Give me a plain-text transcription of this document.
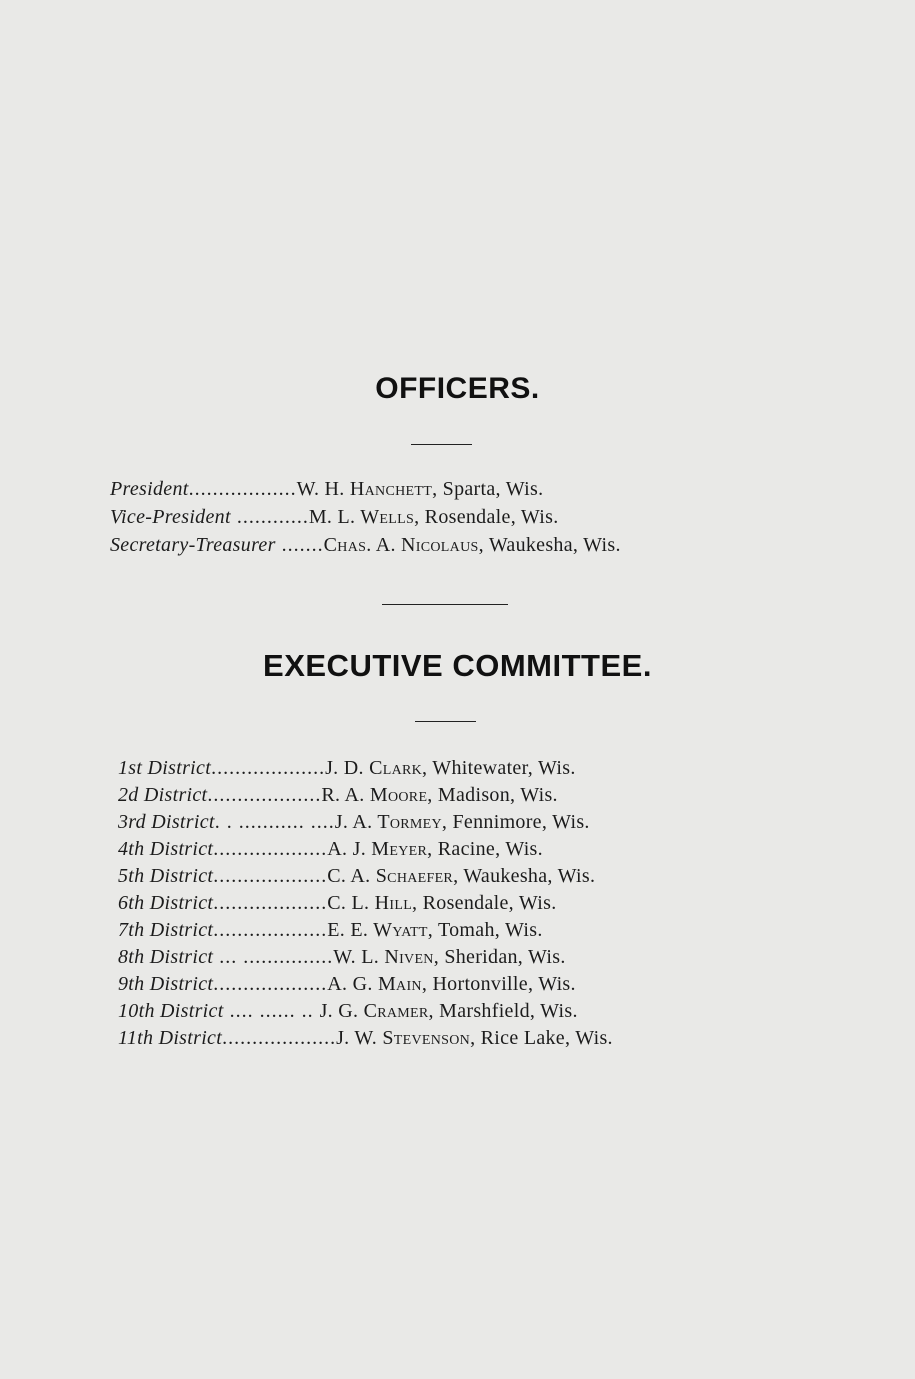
OFFICERS.
President..................W. H. Hanchett, Sparta, Wis.
Vice-President ............M. L. Wells, Rosendale, Wis.
Secretary-Treasurer .......Chas. A. Nicolaus, Waukesha, Wis.
EXECUTIVE COMMITTEE.
1st District...................J. D. Clark, Whitewater, Wis.
2d District...................R. A. Moore, Madison, Wis.
3rd District. . ........... ....J. A. Tormey, Fennimore, Wis.
4th District...................A. J. Meyer, Racine, Wis.
5th District...................C. A. Schaefer, Waukesha, Wis.
6th District...................C. L. Hill, Rosendale, Wis.
7th District...................E. E. Wyatt, Tomah, Wis.
8th District ... ...............W. L. Niven, Sheridan, Wis.
9th District...................A. G. Main, Hortonville, Wis.
10th District .... ...... .. J. G. Cramer, Marshfield, Wis.
11th District...................J. W. Stevenson, Rice Lake, Wis.
